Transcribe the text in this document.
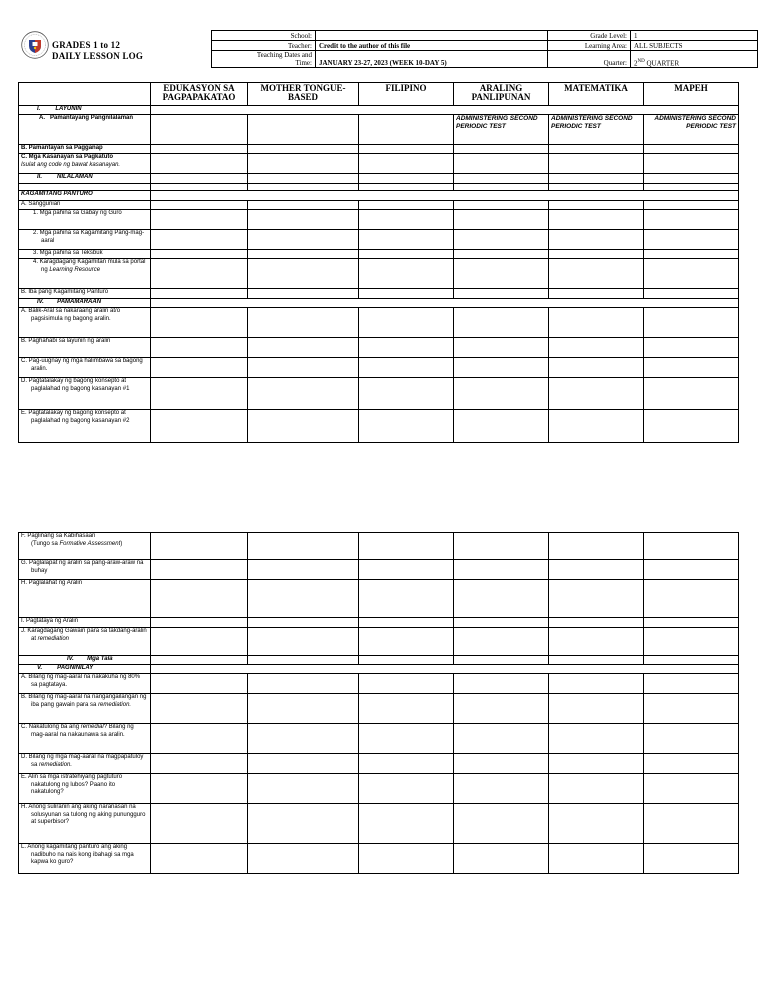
GRADES 1 to 12
DAILY LESSON LOG
School:		Grade Level:	1
Teacher:	Credit to the author of this file	Learning Area:	ALL SUBJECTS

Teaching Dates and
Time:	JANUARY 23-27, 2023 (WEEK 10-DAY 5)	Quarter:	2ND QUARTER
	EDUKASYON SA PAGPAPAKATAO	MOTHER TONGUE-BASED	FILIPINO	ARALING PANLIPUNAN	MATEMATIKA	MAPEH
I. LAYUNIN						

A. Pamantayang Pangnilalaman				ADMINISTERING SECOND PERIODIC TEST	ADMINISTERING SECOND PERIODIC TEST	ADMINISTERING SECOND PERIODIC TEST
B. Pamantayan sa Pagganap						

C. Mga Kasanayan sa Pagkatuto
Isulat ang code ng bawat kasanayan.						

II. NILALAMAN						

KAGAMITANG PANTURO						
A. Sanggunian						

1. Mga pahina sa Gabay ng Guro						

2. Mga pahina sa Kagamitang Pang-mag-aaral						

3. Mga pahina sa Teksbuk						

4. Karagdagang Kagamitan mula sa portal ng Learning Resource						

B. Iba pang Kagamitang Panturo						
IV. PAMAMARAAN						

A. Balik-Aral sa nakaraang aralin at/o pagsisimula ng bagong aralin.						

B. Paghahabi sa layunin ng aralin						

C. Pag-uugnay ng mga halimbawa sa bagong aralin.						

D. Pagtatalakay ng bagong konsepto at paglalahad ng bagong kasanayan #1						

E. Pagtatalakay ng bagong konsepto at paglalahad ng bagong kasanayan #2						

F. Paglinang sa Kabihasaan
(Tungo sa Formative Assessment)						

G. Paglalapat ng aralin sa pang-araw-araw na buhay						

H. Paglalahat ng Aralin						

I. Pagtataya ng Aralin						

J. Karagdagang Gawain para sa takdang-aralin at remediation						

IV. Mga Tala						
V. PAGNINILAY						

A. Bilang ng mag-aaral na nakakuha ng 80% sa pagtataya.						

B. Bilang ng mag-aaral na nangangailangan ng iba pang gawain para sa remediation.						

C. Nakatulong ba ang remedial? Bilang ng mag-aaral na nakaunawa sa aralin.						

D. Bilang ng mga mag-aaral na magpapatuloy sa remediation.						

E. Alin sa mga istratehiyang pagtuturo nakatulong ng lubos? Paano ito nakatulong?						

H. Anong suliranin ang aking naranasan na solusyunan sa tulong ng aking punungguro at superbisor?						

L. Anong kagamitang panturo ang aking nadibuho na nais kong ibahagi sa mga kapwa ko guro?						
